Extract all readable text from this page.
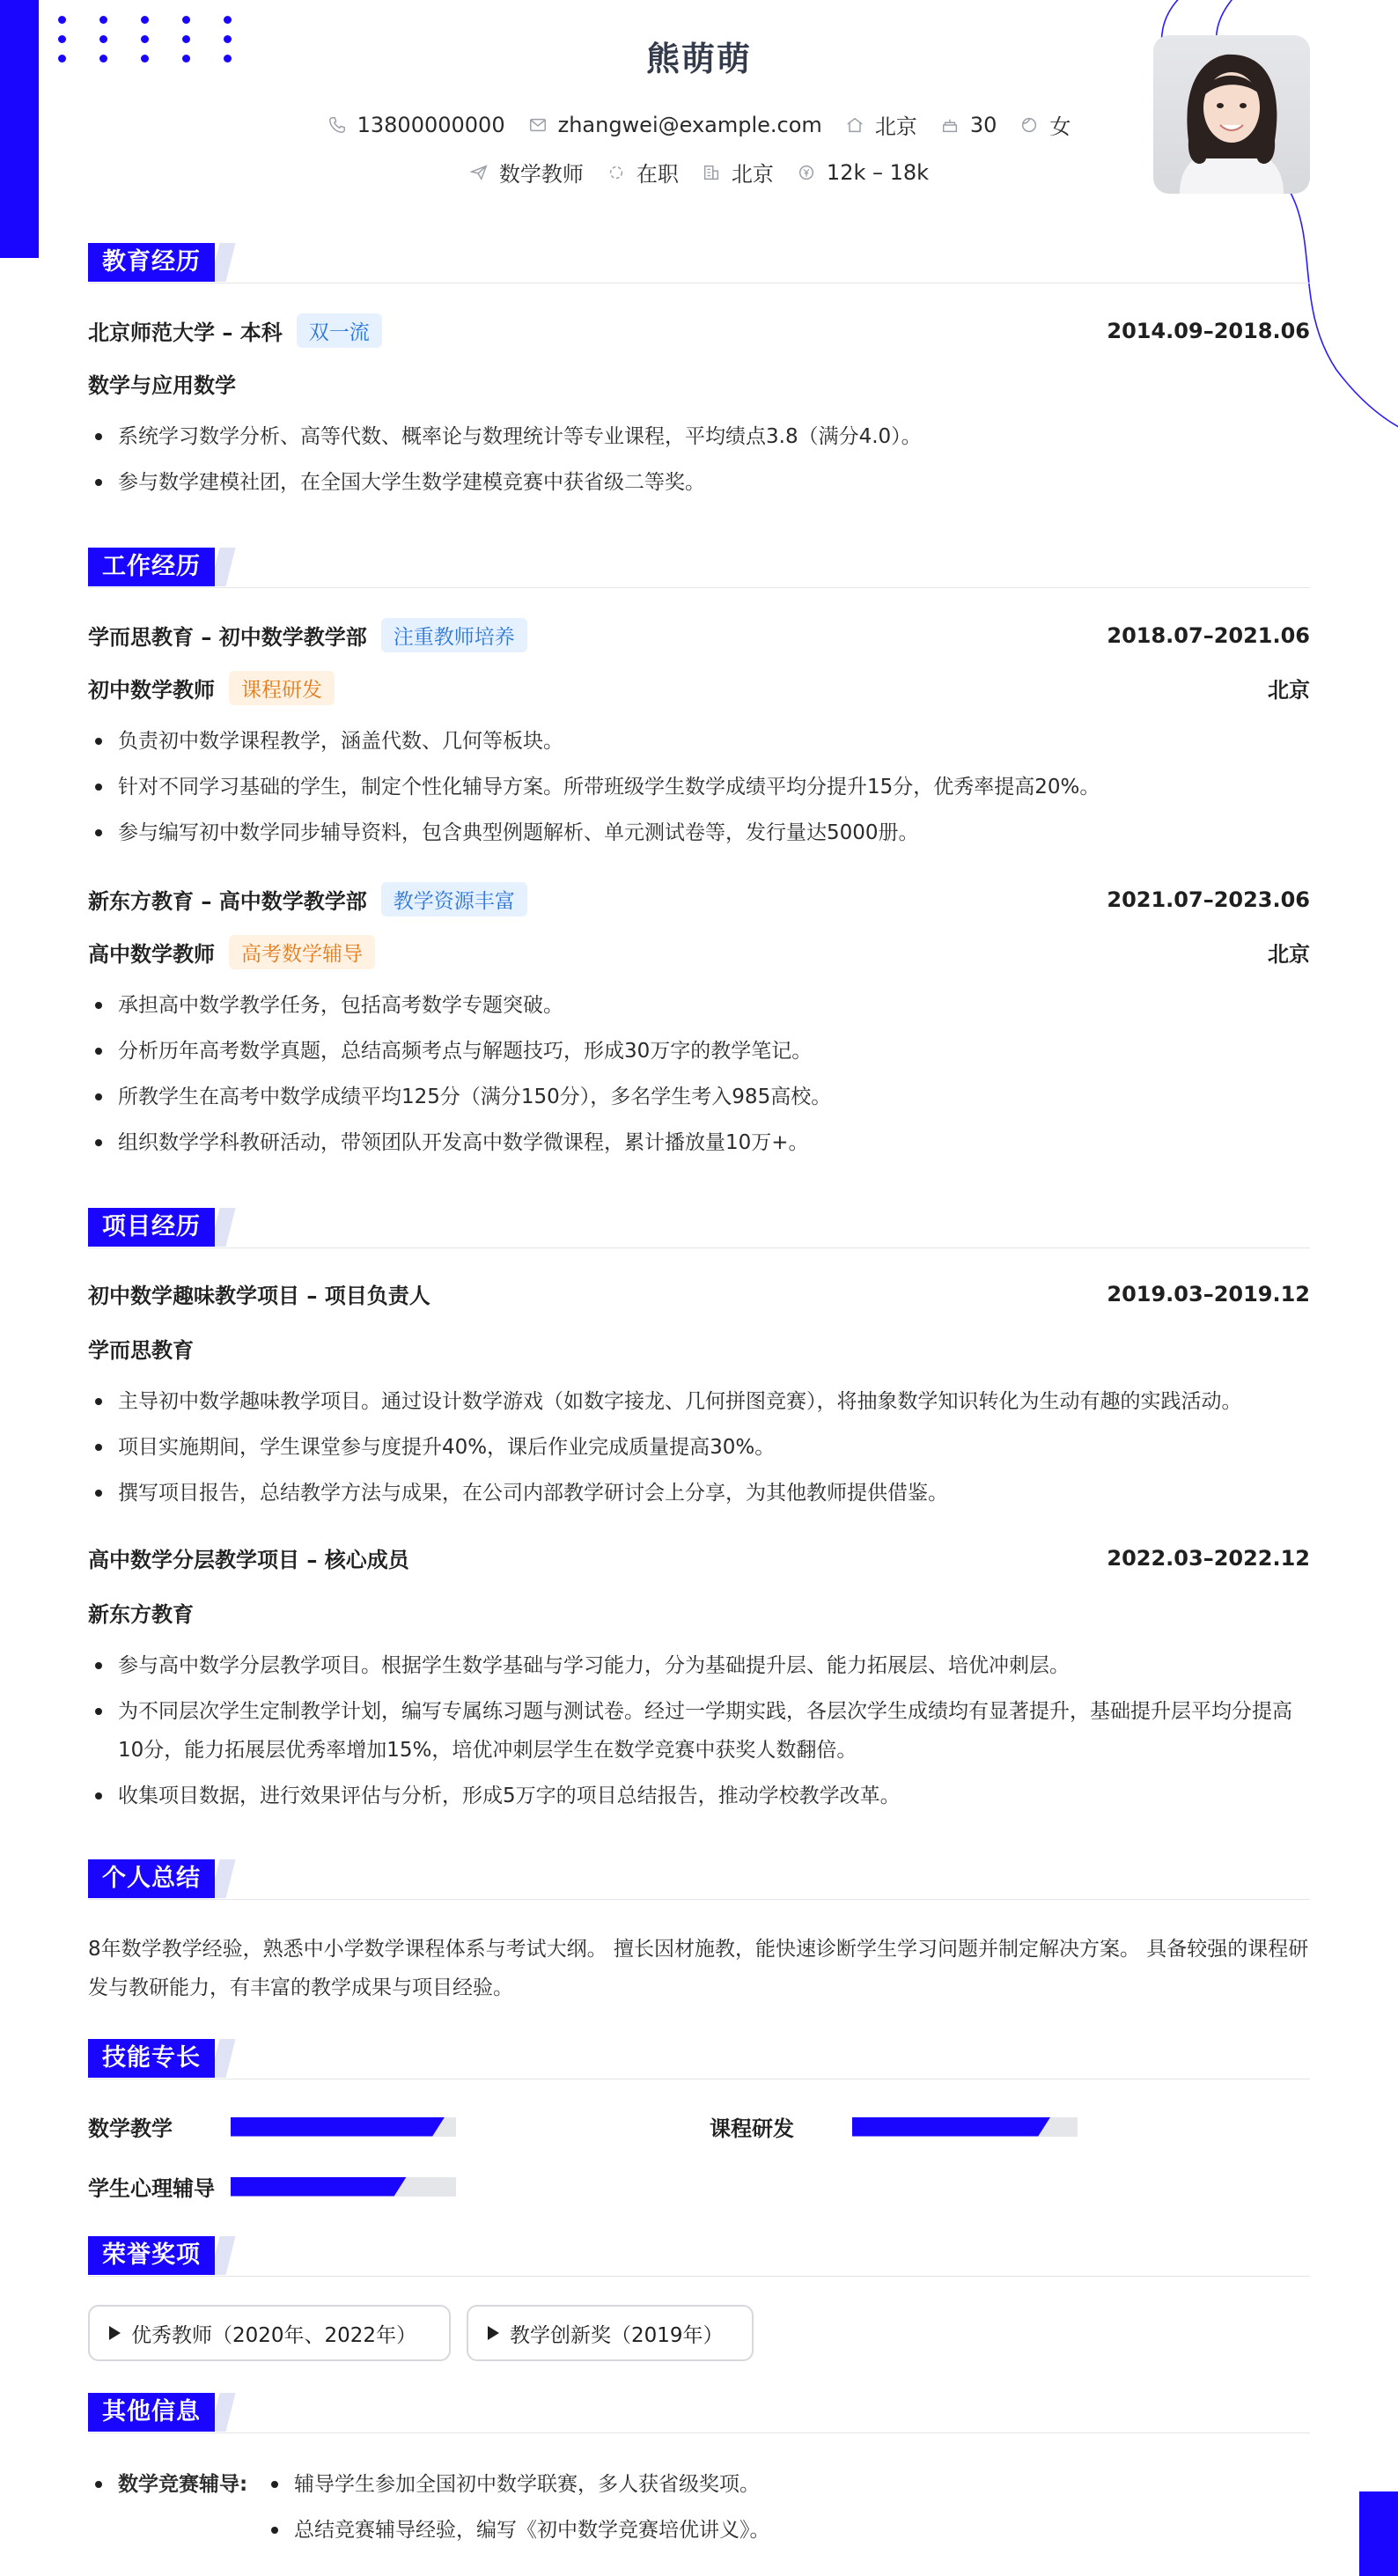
熊萌萌
13800000000	zhangwei@example.com	北京	30	女
数学教师	在职	北京	12k – 18k
教育经历
北京师范大学 – 本科	双一流	2014.09–2018.06
数学与应用数学
系统学习数学分析、高等代数、概率论与数理统计等专业课程，平均绩点3.8（满分4.0）。
参与数学建模社团，在全国大学生数学建模竞赛中获省级二等奖。
工作经历
学而思教育 – 初中数学教学部	注重教师培养	2018.07–2021.06
初中数学教师	课程研发	北京
负责初中数学课程教学，涵盖代数、几何等板块。
针对不同学习基础的学生，制定个性化辅导方案。所带班级学生数学成绩平均分提升15分，优秀率提高20%。
参与编写初中数学同步辅导资料，包含典型例题解析、单元测试卷等，发行量达5000册。
新东方教育 – 高中数学教学部	教学资源丰富	2021.07–2023.06
高中数学教师	高考数学辅导	北京
承担高中数学教学任务，包括高考数学专题突破。
分析历年高考数学真题，总结高频考点与解题技巧，形成30万字的教学笔记。
所教学生在高考中数学成绩平均125分（满分150分），多名学生考入985高校。
组织数学学科教研活动，带领团队开发高中数学微课程，累计播放量10万+。
项目经历
初中数学趣味教学项目 – 项目负责人	2019.03–2019.12
学而思教育
主导初中数学趣味教学项目。通过设计数学游戏（如数字接龙、几何拼图竞赛），将抽象数学知识转化为生动有趣的实践活动。
项目实施期间，学生课堂参与度提升40%，课后作业完成质量提高30%。
撰写项目报告，总结教学方法与成果，在公司内部教学研讨会上分享，为其他教师提供借鉴。
高中数学分层教学项目 – 核心成员	2022.03–2022.12
新东方教育
参与高中数学分层教学项目。根据学生数学基础与学习能力，分为基础提升层、能力拓展层、培优冲刺层。
为不同层次学生定制教学计划，编写专属练习题与测试卷。经过一学期实践，各层次学生成绩均有显著提升，基础提升层平均分提高10分，能力拓展层优秀率增加15%，培优冲刺层学生在数学竞赛中获奖人数翻倍。
收集项目数据，进行效果评估与分析，形成5万字的项目总结报告，推动学校教学改革。
个人总结
8年数学教学经验，熟悉中小学数学课程体系与考试大纲。 擅长因材施教，能快速诊断学生学习问题并制定解决方案。 具备较强的课程研发与教研能力，有丰富的教学成果与项目经验。
技能专长
数学教学	课程研发
学生心理辅导
荣誉奖项
优秀教师（2020年、2022年）	教学创新奖（2019年）
其他信息
数学竞赛辅导:	辅导学生参加全国初中数学联赛，多人获省级奖项。
总结竞赛辅导经验，编写《初中数学竞赛培优讲义》。
